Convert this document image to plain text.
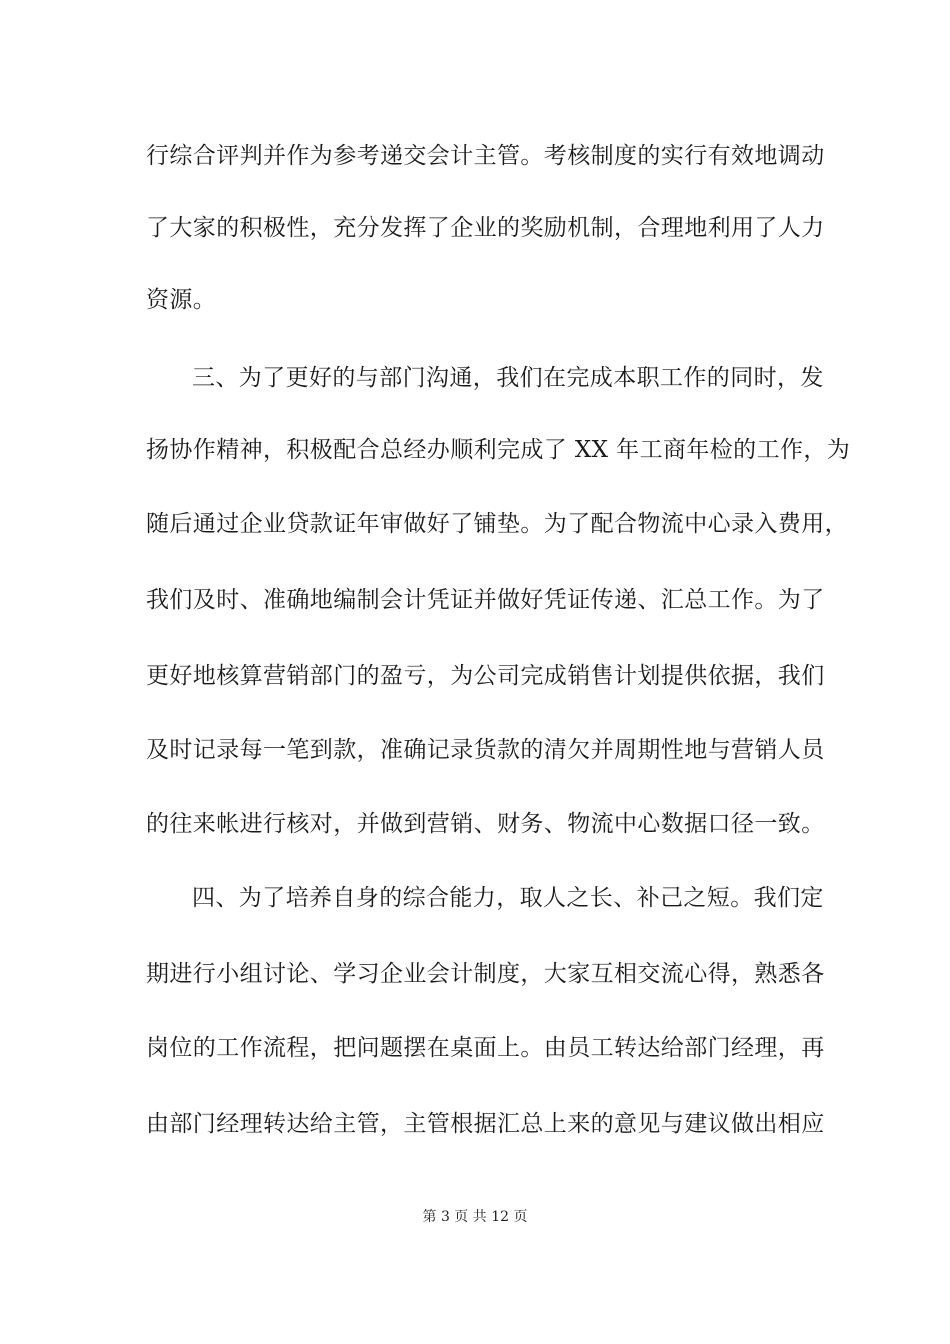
行综合评判并作为参考递交会计主管。考核制度的实行有效地调动
了大家的积极性，充分发挥了企业的奖励机制，合理地利用了人力
资源。
三、为了更好的与部门沟通，我们在完成本职工作的同时，发
扬协作精神，积极配合总经办顺利完成了 XX 年工商年检的工作，为
随后通过企业贷款证年审做好了铺垫。为了配合物流中心录入费用，
我们及时、准确地编制会计凭证并做好凭证传递、汇总工作。为了
更好地核算营销部门的盈亏，为公司完成销售计划提供依据，我们
及时记录每一笔到款，准确记录货款的清欠并周期性地与营销人员
的往来帐进行核对，并做到营销、财务、物流中心数据口径一致。
四、为了培养自身的综合能力，取人之长、补己之短。我们定
期进行小组讨论、学习企业会计制度，大家互相交流心得，熟悉各
岗位的工作流程，把问题摆在桌面上。由员工转达给部门经理，再
由部门经理转达给主管，主管根据汇总上来的意见与建议做出相应
第 3 页 共 12 页
